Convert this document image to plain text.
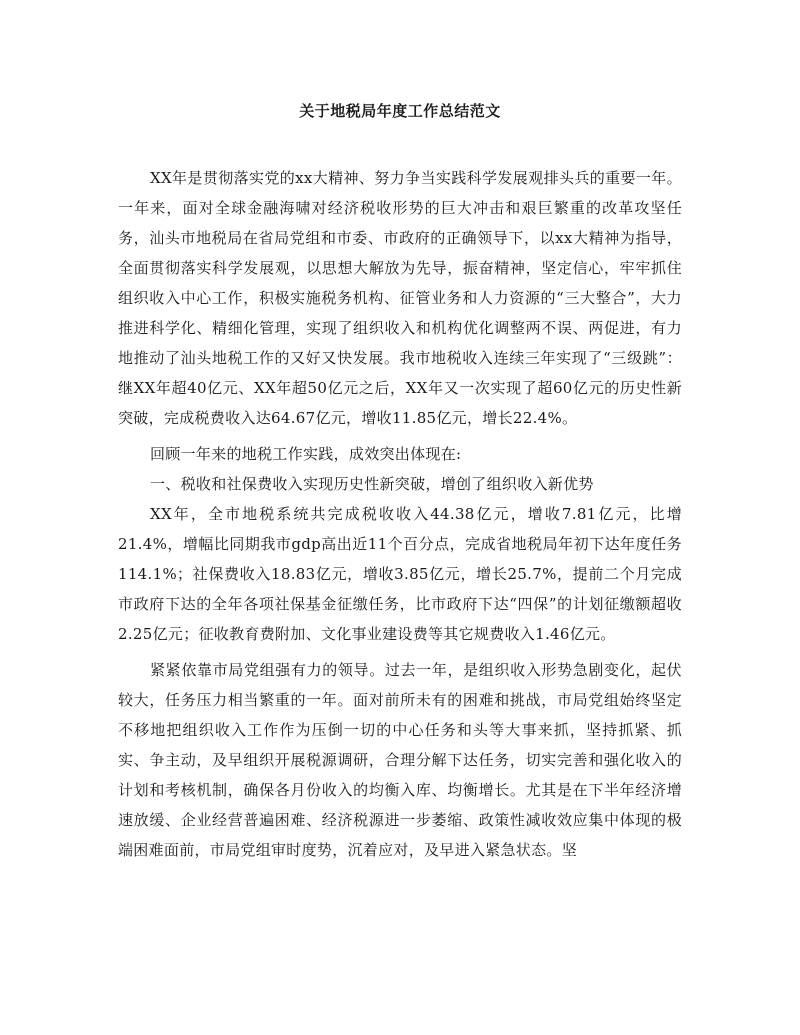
关于地税局年度工作总结范文

XX年是贯彻落实党的xx大精神、努力争当实践科学发展观排头兵的重要一年。一年来，面对全球金融海啸对经济税收形势的巨大冲击和艰巨繁重的改革攻坚任务，汕头市地税局在省局党组和市委、市政府的正确领导下，以xx大精神为指导，全面贯彻落实科学发展观，以思想大解放为先导，振奋精神，坚定信心，牢牢抓住组织收入中心工作，积极实施税务机构、征管业务和人力资源的“三大整合”，大力推进科学化、精细化管理，实现了组织收入和机构优化调整两不误、两促进，有力地推动了汕头地税工作的又好又快发展。我市地税收入连续三年实现了“三级跳”：继XX年超40亿元、XX年超50亿元之后，XX年又一次实现了超60亿元的历史性新突破，完成税费收入达64.67亿元，增收11.85亿元，增长22.4%。

回顾一年来的地税工作实践，成效突出体现在:

一、税收和社保费收入实现历史性新突破，增创了组织收入新优势

XX年，全市地税系统共完成税收收入44.38亿元，增收7.81亿元，比增21.4%，增幅比同期我市gdp高出近11个百分点，完成省地税局年初下达年度任务114.1%；社保费收入18.83亿元，增收3.85亿元，增长25.7%，提前二个月完成市政府下达的全年各项社保基金征缴任务，比市政府下达“四保”的计划征缴额超收2.25亿元；征收教育费附加、文化事业建设费等其它规费收入1.46亿元。

紧紧依靠市局党组强有力的领导。过去一年，是组织收入形势急剧变化，起伏较大，任务压力相当繁重的一年。面对前所未有的困难和挑战，市局党组始终坚定不移地把组织收入工作作为压倒一切的中心任务和头等大事来抓，坚持抓紧、抓实、争主动，及早组织开展税源调研，合理分解下达任务，切实完善和强化收入的计划和考核机制，确保各月份收入的均衡入库、均衡增长。尤其是在下半年经济增速放缓、企业经营普遍困难、经济税源进一步萎缩、政策性减收效应集中体现的极端困难面前，市局党组审时度势，沉着应对，及早进入紧急状态。坚
